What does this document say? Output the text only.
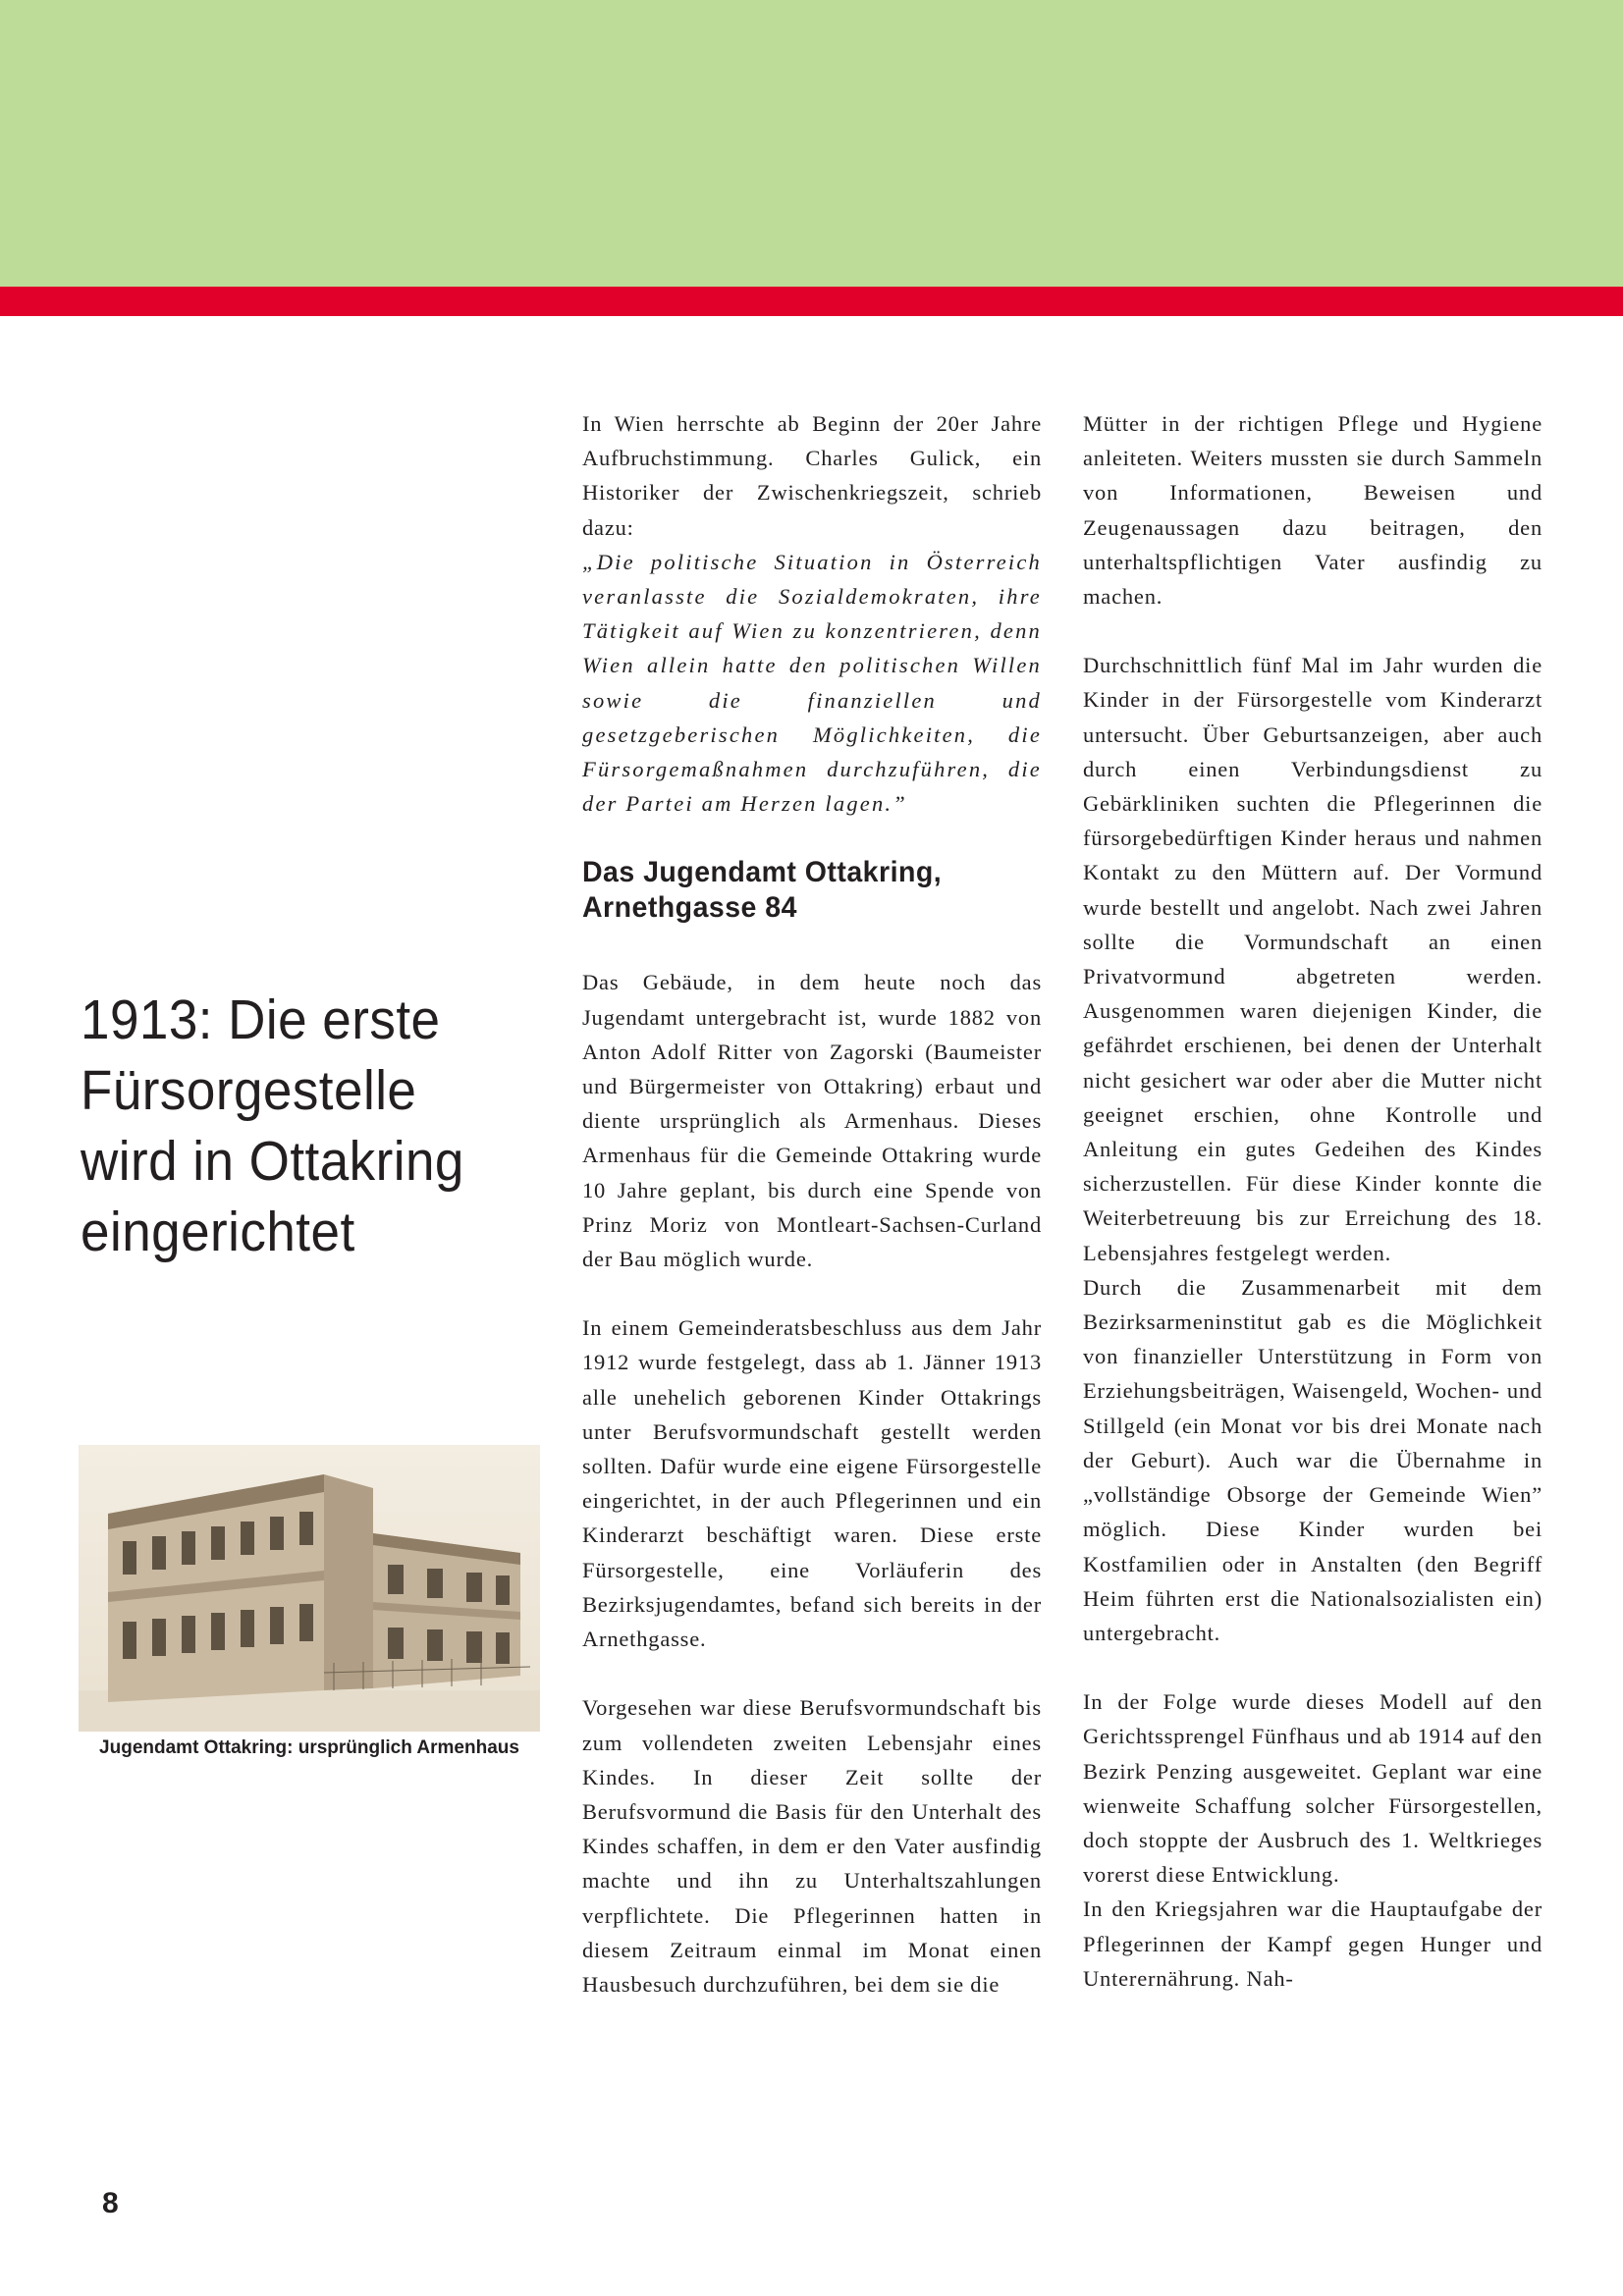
1913: Die erste Fürsorgestelle wird in Ottakring eingerichtet
Jugendamt Ottakring: ursprünglich Armenhaus

In Wien herrschte ab Beginn der 20er Jahre Aufbruchstimmung. Charles Gulick, ein Historiker der Zwischenkriegszeit, schrieb dazu:

„Die politische Situation in Österreich veranlasste die Sozialdemokraten, ihre Tätigkeit auf Wien zu konzentrieren, denn Wien allein hatte den politischen Willen sowie die finanziellen und gesetzgeberischen Möglichkeiten, die Fürsorgemaßnahmen durchzuführen, die der Partei am Herzen lagen.”

Das Jugendamt Ottakring, Arnethgasse 84

Das Gebäude, in dem heute noch das Jugendamt untergebracht ist, wurde 1882 von Anton Adolf Ritter von Zagorski (Baumeister und Bürgermeister von Ottakring) erbaut und diente ursprünglich als Armenhaus. Dieses Armenhaus für die Gemeinde Ottakring wurde 10 Jahre geplant, bis durch eine Spende von Prinz Moriz von Montleart-Sachsen-Curland der Bau möglich wurde.

In einem Gemeinderatsbeschluss aus dem Jahr 1912 wurde festgelegt, dass ab 1. Jänner 1913 alle unehelich geborenen Kinder Ottakrings unter Berufsvormundschaft gestellt werden sollten. Dafür wurde eine eigene Fürsorgestelle eingerichtet, in der auch Pflegerinnen und ein Kinderarzt beschäftigt waren. Diese erste Fürsorgestelle, eine Vorläuferin des Bezirksjugendamtes, befand sich bereits in der Arnethgasse.

Vorgesehen war diese Berufsvormundschaft bis zum vollendeten zweiten Lebensjahr eines Kindes. In dieser Zeit sollte der Berufsvormund die Basis für den Unterhalt des Kindes schaffen, in dem er den Vater ausfindig machte und ihn zu Unterhaltszahlungen verpflichtete. Die Pflegerinnen hatten in diesem Zeitraum einmal im Monat einen Hausbesuch durchzuführen, bei dem sie die

Mütter in der richtigen Pflege und Hygiene anleiteten. Weiters mussten sie durch Sammeln von Informationen, Beweisen und Zeugenaussagen dazu beitragen, den unterhaltspflichtigen Vater ausfindig zu machen.

Durchschnittlich fünf Mal im Jahr wurden die Kinder in der Fürsorgestelle vom Kinderarzt untersucht. Über Geburtsanzeigen, aber auch durch einen Verbindungsdienst zu Gebärkliniken suchten die Pflegerinnen die fürsorgebedürftigen Kinder heraus und nahmen Kontakt zu den Müttern auf. Der Vormund wurde bestellt und angelobt. Nach zwei Jahren sollte die Vormundschaft an einen Privatvormund abgetreten werden. Ausgenommen waren diejenigen Kinder, die gefährdet erschienen, bei denen der Unterhalt nicht gesichert war oder aber die Mutter nicht geeignet erschien, ohne Kontrolle und Anleitung ein gutes Gedeihen des Kindes sicherzustellen. Für diese Kinder konnte die Weiterbetreuung bis zur Erreichung des 18. Lebensjahres festgelegt werden.

Durch die Zusammenarbeit mit dem Bezirksarmeninstitut gab es die Möglichkeit von finanzieller Unterstützung in Form von Erziehungsbeiträgen, Waisengeld, Wochen- und Stillgeld (ein Monat vor bis drei Monate nach der Geburt). Auch war die Übernahme in „vollständige Obsorge der Gemeinde Wien” möglich. Diese Kinder wurden bei Kostfamilien oder in Anstalten (den Begriff Heim führten erst die Nationalsozialisten ein) untergebracht.

In der Folge wurde dieses Modell auf den Gerichtssprengel Fünfhaus und ab 1914 auf den Bezirk Penzing ausgeweitet. Geplant war eine wienweite Schaffung solcher Fürsorgestellen, doch stoppte der Ausbruch des 1. Weltkrieges vorerst diese Entwicklung.

In den Kriegsjahren war die Hauptaufgabe der Pflegerinnen der Kampf gegen Hunger und Unterernährung. Nah-

8
